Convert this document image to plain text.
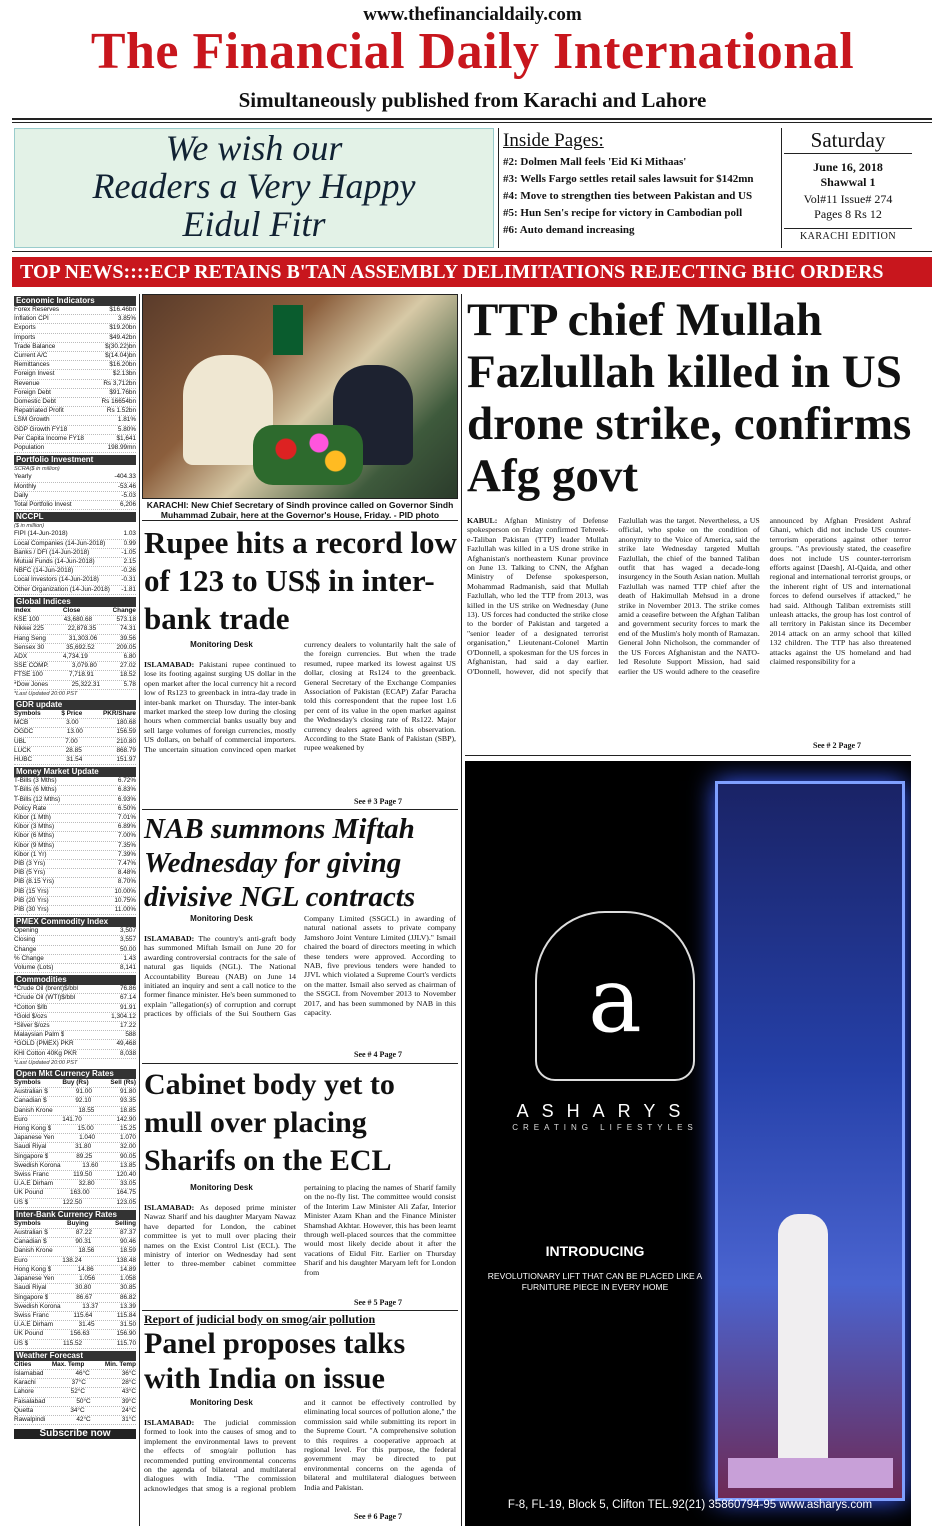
www.thefinancialdaily.com
The Financial Daily International
Simultaneously published from Karachi and Lahore
We wish our
Readers a Very Happy
Eidul Fitr
Inside Pages:

#2: Dolmen Mall feels 'Eid Ki Mithaas'

#3: Wells Fargo settles retail sales lawsuit for $142mn

#4: Move to strengthen ties between Pakistan and US

#5: Hun Sen's recipe for victory in Cambodian poll

#6: Auto demand increasing

Saturday
June 16, 2018
Shawwal 1
Vol#11 Issue# 274
Pages 8 Rs 12
KARACHI EDITION
TOP NEWS::::ECP RETAINS B'TAN ASSEMBLY DELIMITATIONS REJECTING BHC ORDERS
Economic Indicators
Forex Reserves	$16.46bn
Inflation CPI	3.85%
Exports	$19.20bn
Imports	$49.42bn
Trade Balance	$(30.22)bn
Current A/C	$(14.04)bn
Remittances	$16.20bn
Foreign Invest	$2.13bn
Revenue	Rs 3,712bn
Foreign Debt	$91.76bn
Domestic Debt	Rs 16654bn
Repatriated Profit	Rs 1.52bn
LSM Growth	1.81%
GDP Growth FY18	5.80%
Per Capita Income FY18	$1,641
Population	198.99mn
Portfolio Investment
SCRA($ in million)
Yearly	-404.33
Monthly	-53.46
Daily	-5.03
Total Portfolio Invest	6,206
NCCPL
($ in million)
FIPI (14-Jun-2018)	1.03
Local Companies (14-Jun-2018)	0.99
Banks / DFI (14-Jun-2018)	-1.05
Mutual Funds (14-Jun-2018)	2.15
NBFC (14-Jun-2018)	-0.26
Local Investors (14-Jun-2018)	-0.31
Other Organization (14-Jun-2018) -1.81
Global Indices
Index	Close	Change
KSE 100	43,680.68	573.18
Nikkei 225	22,878.35	74.31
Hang Seng	31,303.06	39.56
Sensex 30	35,692.52	209.05
ADX	4,734.19	6.80
SSE COMP.	3,079.80	27.02
FTSE 100	7,718.91	18.52
*Dow Jones	25,322.31	5.78
*Last Updated 20:00 PST
GDR update
Symbols	$ Price	PKR/Share
MCB	3.00	180.68
OGDC	13.00	156.59
UBL	7.00	210.80
LUCK	28.85	868.79
HUBC	31.54	151.97
Money Market Update
T-Bills (3 Mths)	6.72%
T-Bills (6 Mths)	6.83%
T-Bills (12 Mths)	6.93%
Policy Rate	6.50%
Kibor (1 Mth)	7.01%
Kibor (3 Mths)	6.89%
Kibor (6 Mths)	7.00%
Kibor (9 Mths)	7.35%
Kibor (1 Yr)	7.39%
PIB (3 Yrs)	7.47%
PIB (5 Yrs)	8.48%
PIB (8.15 Yrs)	8.70%
PIB (15 Yrs)	10.00%
PIB (20 Yrs)	10.75%
PIB (30 Yrs)	11.00%
PMEX Commodity Index
Opening	3,507
Closing	3,557
Change	50.00
% Change	1.43
Volume (Lots)	8,141
Commodities
*Crude Oil (brent)$/bbl	76.86
*Crude Oil (WTI)$/bbl	67.14
*Cotton $/lb	91.91
*Gold $/ozs	1,304.12
*Silver $/ozs	17.22
Malaysian Palm $	588
*GOLD (PMEX) PKR	49,468
KHI Cotton 40Kg PKR	8,038
*Last Updated 20:00 PST
Open Mkt Currency Rates
Symbols	Buy (Rs)	Sell (Rs)
Australian $	91.00	91.80
Canadian $	92.10	93.35
Danish Krone	18.55	18.85
Euro	141.70	142.90
Hong Kong $	15.00	15.25
Japanese Yen	1.040	1.070
Saudi Riyal	31.80	32.00
Singapore $	89.25	90.05
Swedish Korona	13.60	13.85
Swiss Franc	119.50	120.40
U.A.E Dirham	32.80	33.05
UK Pound	163.00	164.75
US $	122.50	123.05
Inter-Bank Currency Rates
Symbols	Buying	Selling
Australian $	87.22	87.37
Canadian $	90.31	90.46
Danish Krone	18.56	18.59
Euro	138.24	138.48
Hong Kong $	14.86	14.89
Japanese Yen	1.056	1.058
Saudi Riyal	30.80	30.85
Singapore $	86.67	86.82
Swedish Korona	13.37	13.39
Swiss Franc	115.64	115.84
U.A.E Dirham	31.45	31.50
UK Pound	156.63	156.90
US $	115.52	115.70
Weather Forecast
Cities	Max. Temp	Min. Temp
Islamabad	46°C	36°C
Karachi	37°C	28°C
Lahore	52°C	43°C
Faisalabad	50°C	39°C
Quetta	34°C	24°C
Rawalpindi	42°C	31°C
Subscribe now
KARACHI: New Chief Secretary of Sindh province called on Governor Sindh Muhammad Zubair, here at the Governor's House, Friday. - PID photo
TTP chief Mullah Fazlullah killed in US drone strike, confirms Afg govt
KABUL: Afghan Ministry of Defense spokesperson on Friday confirmed Tehreek-e-Taliban Pakistan (TTP) leader Mullah Fazlullah was killed in a US drone strike in Afghanistan's northeastern Kunar province on June 13. Talking to CNN, the Afghan Ministry of Defense spokesperson, Mohammad Radmanish, said that Mullah Fazlullah, who led the TTP from 2013, was killed in the US strike on Wednesday (June 13). US forces had conducted the strike close to the border of Pakistan and targeted a "senior leader of a designated terrorist organisation," Lieutenant-Colonel Martin O'Donnell, a spokesman for the US forces in Afghanistan, had said a day earlier. O'Donnell, however, did not specify that Fazlullah was the target. Nevertheless, a US official, who spoke on the condition of anonymity to the Voice of America, said the strike late Wednesday targeted Mullah Fazlullah, the chief of the banned Taliban outfit that has waged a decade-long insurgency in the South Asian nation. Mullah Fazlullah was named TTP chief after the death of Hakimullah Mehsud in a drone strike in November 2013. The strike comes amid a ceasefire between the Afghan Taliban and government security forces to mark the end of the Muslim's holy month of Ramazan. General John Nicholson, the commander of the US Forces Afghanistan and the NATO-led Resolute Support Mission, had said earlier the US would adhere to the ceasefire announced by Afghan President Ashraf Ghani, which did not include US counter-terrorism operations against other terror groups. "As previously stated, the ceasefire does not include US counter-terrorism efforts against [Daesh], Al-Qaida, and other regional and international terrorist groups, or the inherent right of US and international forces to defend ourselves if attacked," he had said. Although Taliban extremists still unleash attacks, the group has lost control of all territory in Pakistan since its December 2014 attack on an army school that killed 132 children. The TTP has also threatened attacks against the US homeland and had claimed responsibility for a
See # 2 Page 7
Rupee hits a record low of 123 to US$ in inter-bank trade
Monitoring Desk
ISLAMABAD: Pakistani rupee continued to lose its footing against surging US dollar in the open market after the local currency hit a record low of Rs123 to greenback in intra-day trade in inter-bank market on Thursday. The inter-bank market marked the steep low during the closing hours when commercial banks usually buy and sell large volumes of foreign currencies, mostly US dollars, on behalf of commercial importers. The uncertain situation convinced open market currency dealers to voluntarily halt the sale of the foreign currencies. But when the trade resumed, rupee marked its lowest against US dollar, closing at Rs124 to the greenback. General Secretary of the Exchange Companies Association of Pakistan (ECAP) Zafar Paracha told this correspondent that the rupee lost 1.6 per cent of its value in the open market against the Wednesday's closing rate of Rs122. Major currency dealers agreed with his observation. According to the State Bank of Pakistan (SBP), rupee weakened by
See # 3 Page 7
NAB summons Miftah Wednesday for giving divisive NGL contracts
Monitoring Desk
ISLAMABAD: The country's anti-graft body has summoned Miftah Ismail on June 20 for awarding controversial contracts for the sale of natural gas liquids (NGL). The National Accountability Bureau (NAB) on June 14 initiated an inquiry and sent a call notice to the former finance minister. He's been summoned to explain "allegation(s) of corruption and corrupt practices by officials of the Sui Southern Gas Company Limited (SSGCL) in awarding of natural national assets to private company Jamshoro Joint Venture Limited (JJLV)." Ismail chaired the board of directors meeting in which these tenders were approved. According to NAB, five previous tenders were handed to JJVL which violated a Supreme Court's verdicts on the matter. Ismail also served as chairman of the SSGCL from November 2013 to November 2017, and has been summoned by NAB in this capacity.
See # 4 Page 7
Cabinet body yet to mull over placing Sharifs on the ECL
Monitoring Desk
ISLAMABAD: As deposed prime minister Nawaz Sharif and his daughter Maryam Nawaz have departed for London, the cabinet committee is yet to mull over placing their names on the Exist Control List (ECL). The ministry of interior on Wednesday had sent letter to three-member cabinet committee pertaining to placing the names of Sharif family on the no-fly list. The committee would consist of the Interim Law Minister Ali Zafar, Interior Minister Azam Khan and the Finance Minister Shamshad Akhtar. However, this has been learnt through well-placed sources that the committee would most likely decide about it after the vacations of Eidul Fitr. Earlier on Thursday Sharif and his daughter Maryam left for London from
See # 5 Page 7
Report of judicial body on smog/air pollution
Panel proposes talks with India on issue
Monitoring Desk
ISLAMABAD: The judicial commission formed to look into the causes of smog and to implement the environmental laws to prevent the effects of smog/air pollution has recommended putting environmental concerns on the agenda of bilateral and multilateral dialogues with India. "The commission acknowledges that smog is a regional problem and it cannot be effectively controlled by eliminating local sources of pollution alone," the commission said while submitting its report in the Supreme Court. "A comprehensive solution to this requires a cooperative approach at regional level. For this purpose, the federal government may be directed to put environmental concerns on the agenda of bilateral and multilateral dialogues between India and Pakistan.
See # 6 Page 7
a
ASHARYS
CREATING LIFESTYLES
INTRODUCING
REVOLUTIONARY LIFT THAT CAN BE PLACED LIKE A FURNITURE PIECE IN EVERY HOME
F-8, FL-19, Block 5, Clifton TEL.92(21) 35860794-95 www.asharys.com
